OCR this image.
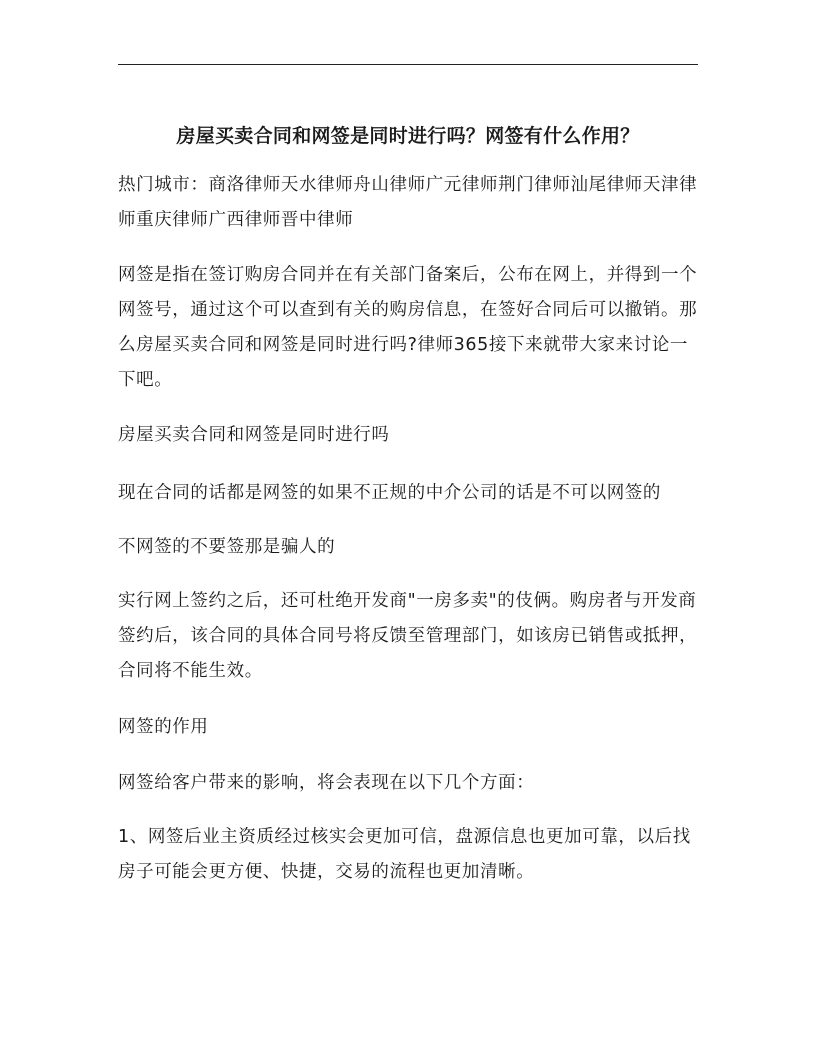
房屋买卖合同和网签是同时进行吗？网签有什么作用？

热门城市：商洛律师天水律师舟山律师广元律师荆门律师汕尾律师天津律师重庆律师广西律师晋中律师

网签是指在签订购房合同并在有关部门备案后，公布在网上，并得到一个网签号，通过这个可以查到有关的购房信息，在签好合同后可以撤销。那么房屋买卖合同和网签是同时进行吗?律师365接下来就带大家来讨论一下吧。

房屋买卖合同和网签是同时进行吗

现在合同的话都是网签的如果不正规的中介公司的话是不可以网签的

不网签的不要签那是骗人的

实行网上签约之后，还可杜绝开发商"一房多卖"的伎俩。购房者与开发商签约后，该合同的具体合同号将反馈至管理部门，如该房已销售或抵押，合同将不能生效。

网签的作用

网签给客户带来的影响，将会表现在以下几个方面：

1、网签后业主资质经过核实会更加可信，盘源信息也更加可靠，以后找房子可能会更方便、快捷，交易的流程也更加清晰。
